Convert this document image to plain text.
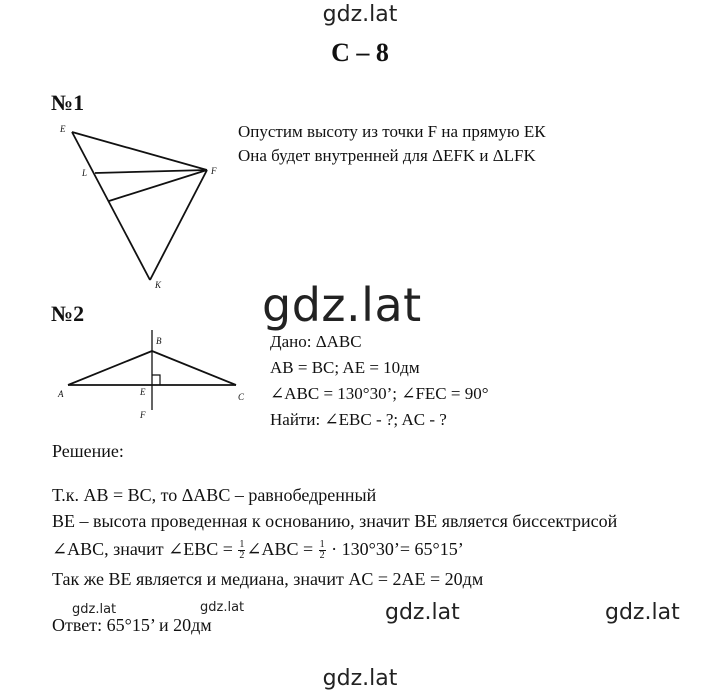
gdz.lat
gdz.lat
gdz.lat
С – 8
№1
E
L	F
K
Опустим высоту из точки F на прямую ЕК
Она будет внутренней для ΔEFK и ΔLFK
№2
B
A	C
E
F
Дано: ΔABC
AB = BC; AE = 10дм
∠ABC = 130°30’; ∠FEC = 90°
Найти: ∠EBC - ?; AC - ?
Решение:
Т.к. AB = BC, то ΔABC – равнобедренный
BE – высота проведенная к основанию, значит BE является биссектрисой
∠ABC, значит ∠EBC = $\frac{1}{2}$ ∠ABC = $\frac{1}{2}$ · 130°30’= 65°15’
Так же BE является и медиана, значит AC = 2AE = 20дм
gdz.lat	gdz.lat
Ответ: 65°15’ и 20дм	gdz.lat	gdz.lat
